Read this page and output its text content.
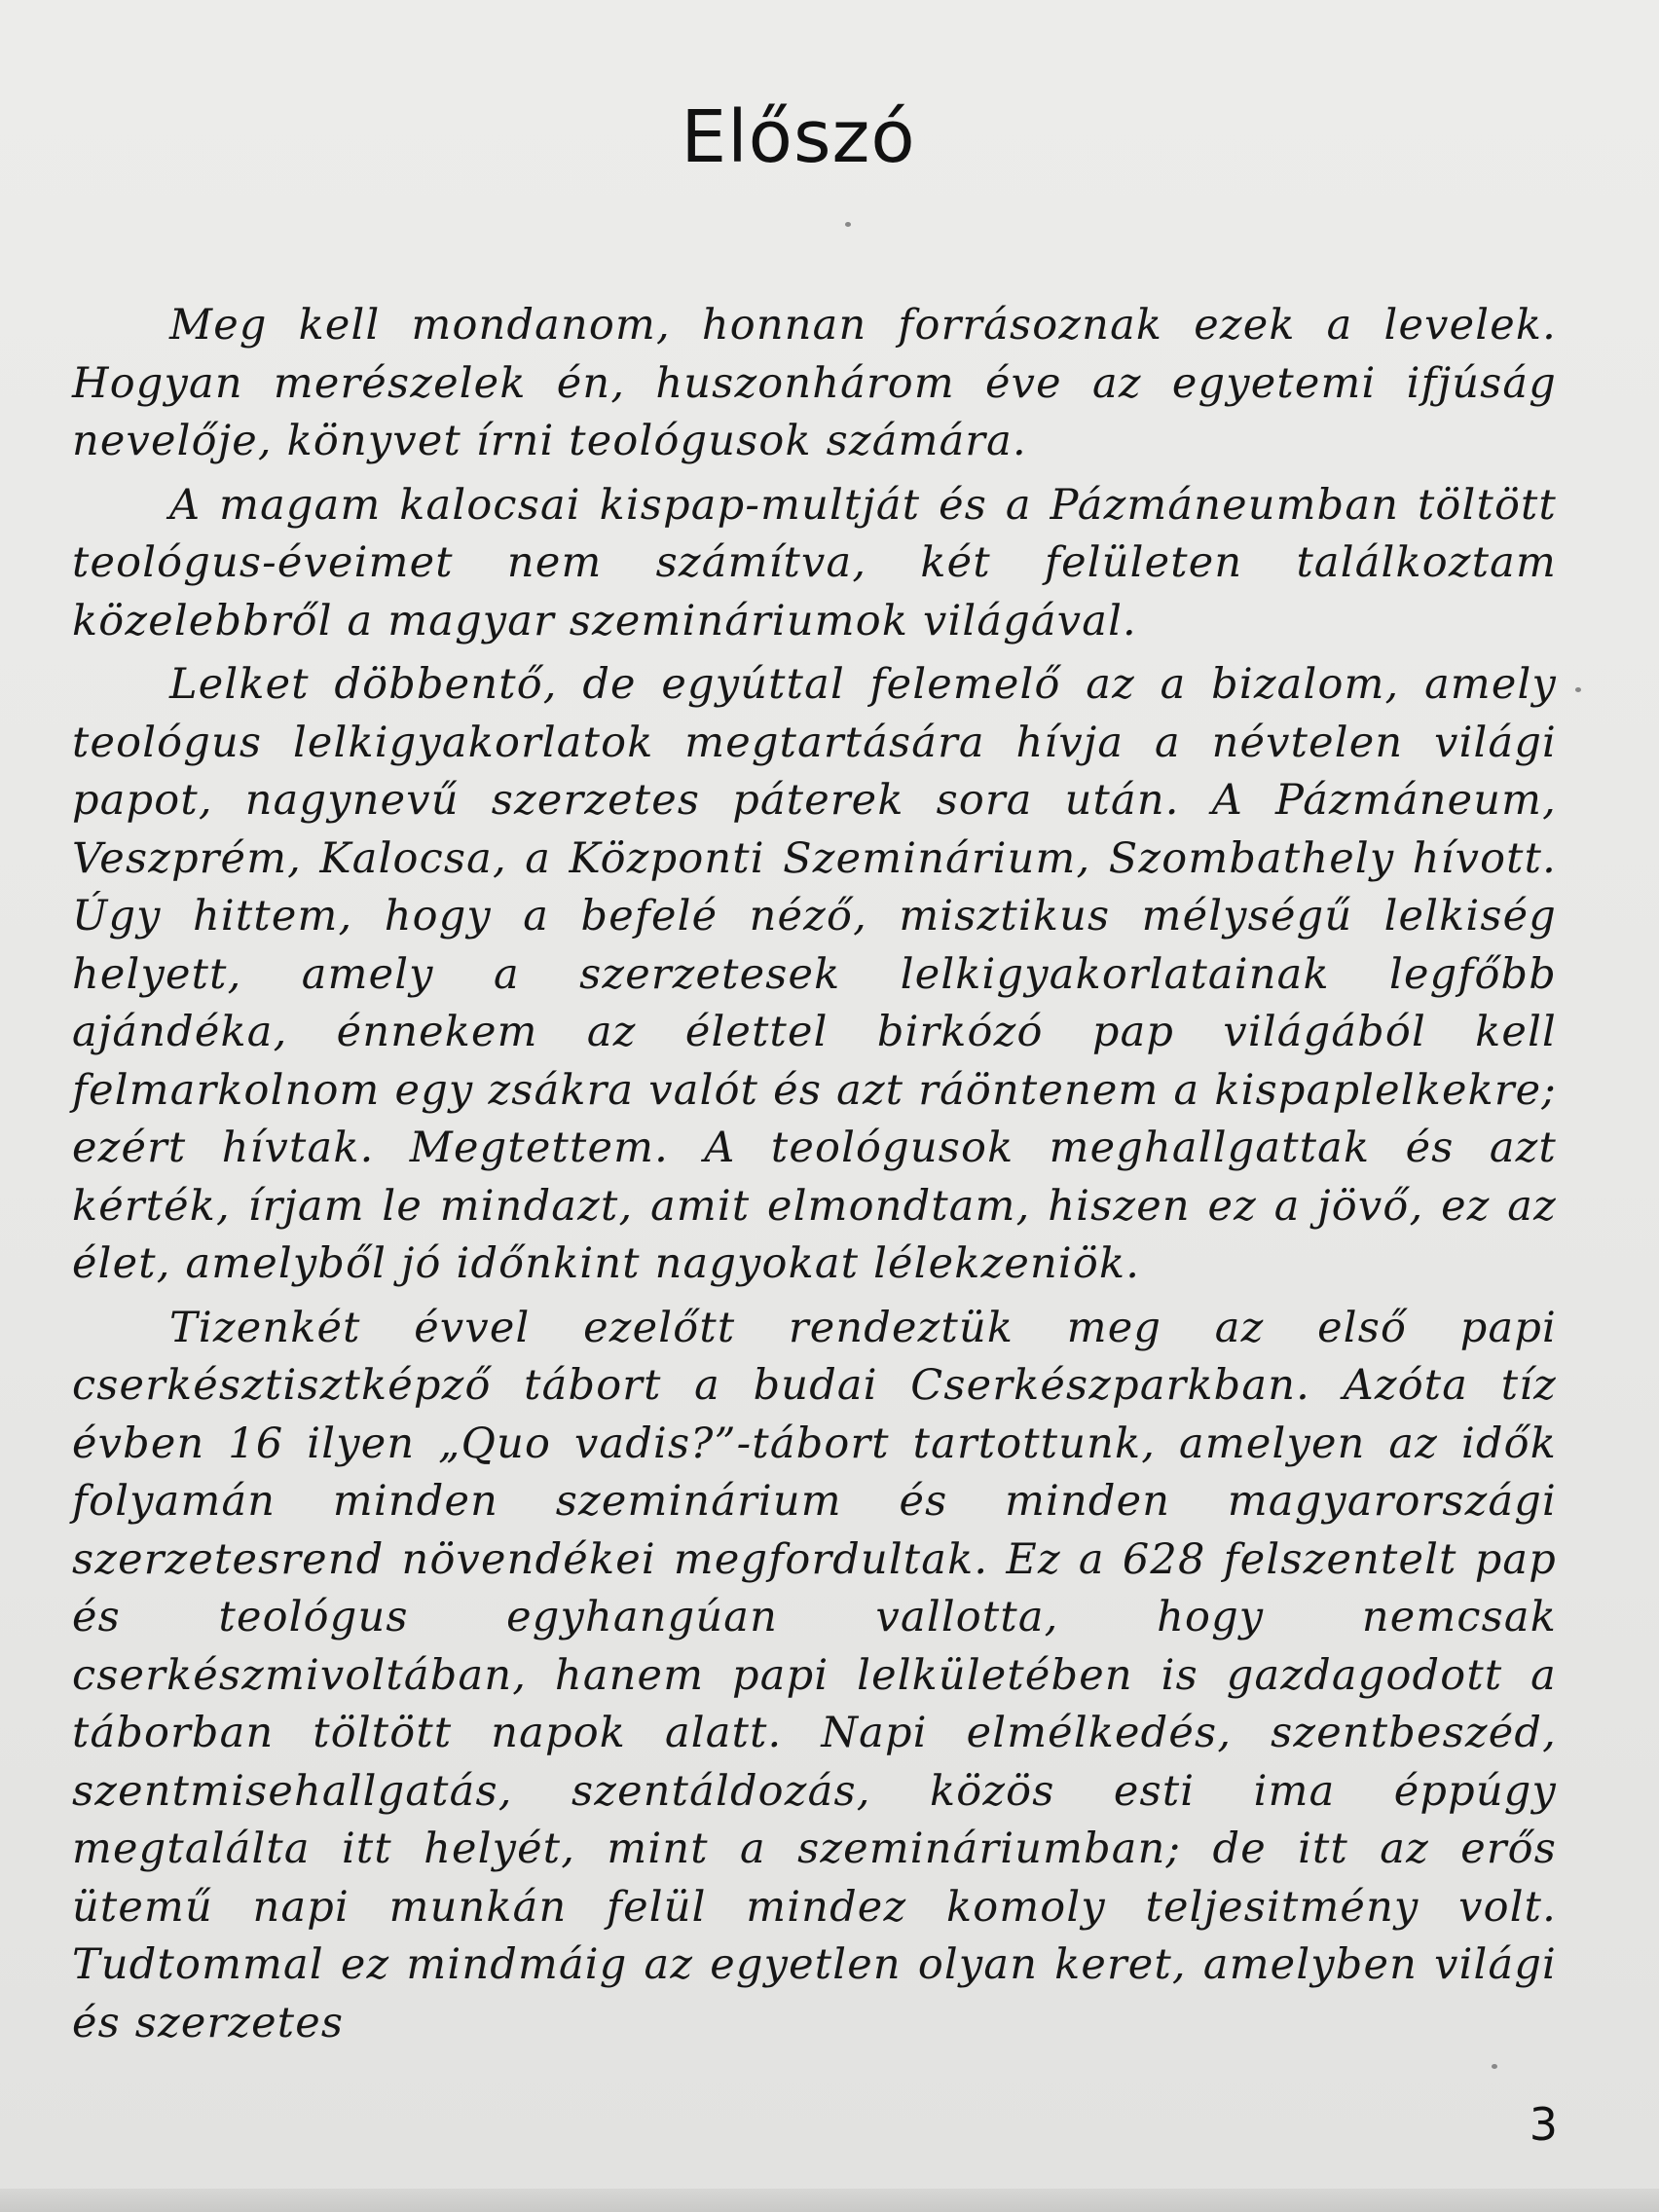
Előszó

Meg kell mondanom, honnan forrásoznak ezek a levelek. Hogyan merészelek én, huszonhárom éve az egyetemi ifjúság nevelője, könyvet írni teológusok számára.

A magam kalocsai kispap-multját és a Pázmáneumban töltött teológus-éveimet nem számítva, két felületen találkoztam közelebbről a magyar szemináriumok világával.

Lelket döbbentő, de egyúttal felemelő az a bizalom, amely teológus lelkigyakorlatok megtartására hívja a névtelen világi papot, nagynevű szerzetes páterek sora után. A Pázmáneum, Veszprém, Kalocsa, a Központi Szeminárium, Szombathely hívott. Úgy hittem, hogy a befelé néző, misztikus mélységű lelkiség helyett, amely a szerzetesek lelkigyakorlatainak legfőbb ajándéka, énnekem az élettel birkózó pap világából kell felmarkolnom egy zsákra valót és azt ráöntenem a kispaplelkekre; ezért hívtak. Megtettem. A teológusok meghallgattak és azt kérték, írjam le mindazt, amit elmondtam, hiszen ez a jövő, ez az élet, amelyből jó időnkint nagyokat lélekzeniök.

Tizenkét évvel ezelőtt rendeztük meg az első papi cserkésztisztképző tábort a budai Cserkészparkban. Azóta tíz évben 16 ilyen „Quo vadis?”-tábort tartottunk, amelyen az idők folyamán minden szeminárium és minden magyarországi szerzetesrend növendékei megfordultak. Ez a 628 felszentelt pap és teológus egyhangúan vallotta, hogy nemcsak cserkészmivoltában, hanem papi lelkületében is gazdagodott a táborban töltött napok alatt. Napi elmélkedés, szentbeszéd, szentmisehallgatás, szentáldozás, közös esti ima éppúgy megtalálta itt helyét, mint a szemináriumban; de itt az erős ütemű napi munkán felül mindez komoly teljesitmény volt. Tudtommal ez mindmáig az egyetlen olyan keret, amelyben világi és szerzetes

3
